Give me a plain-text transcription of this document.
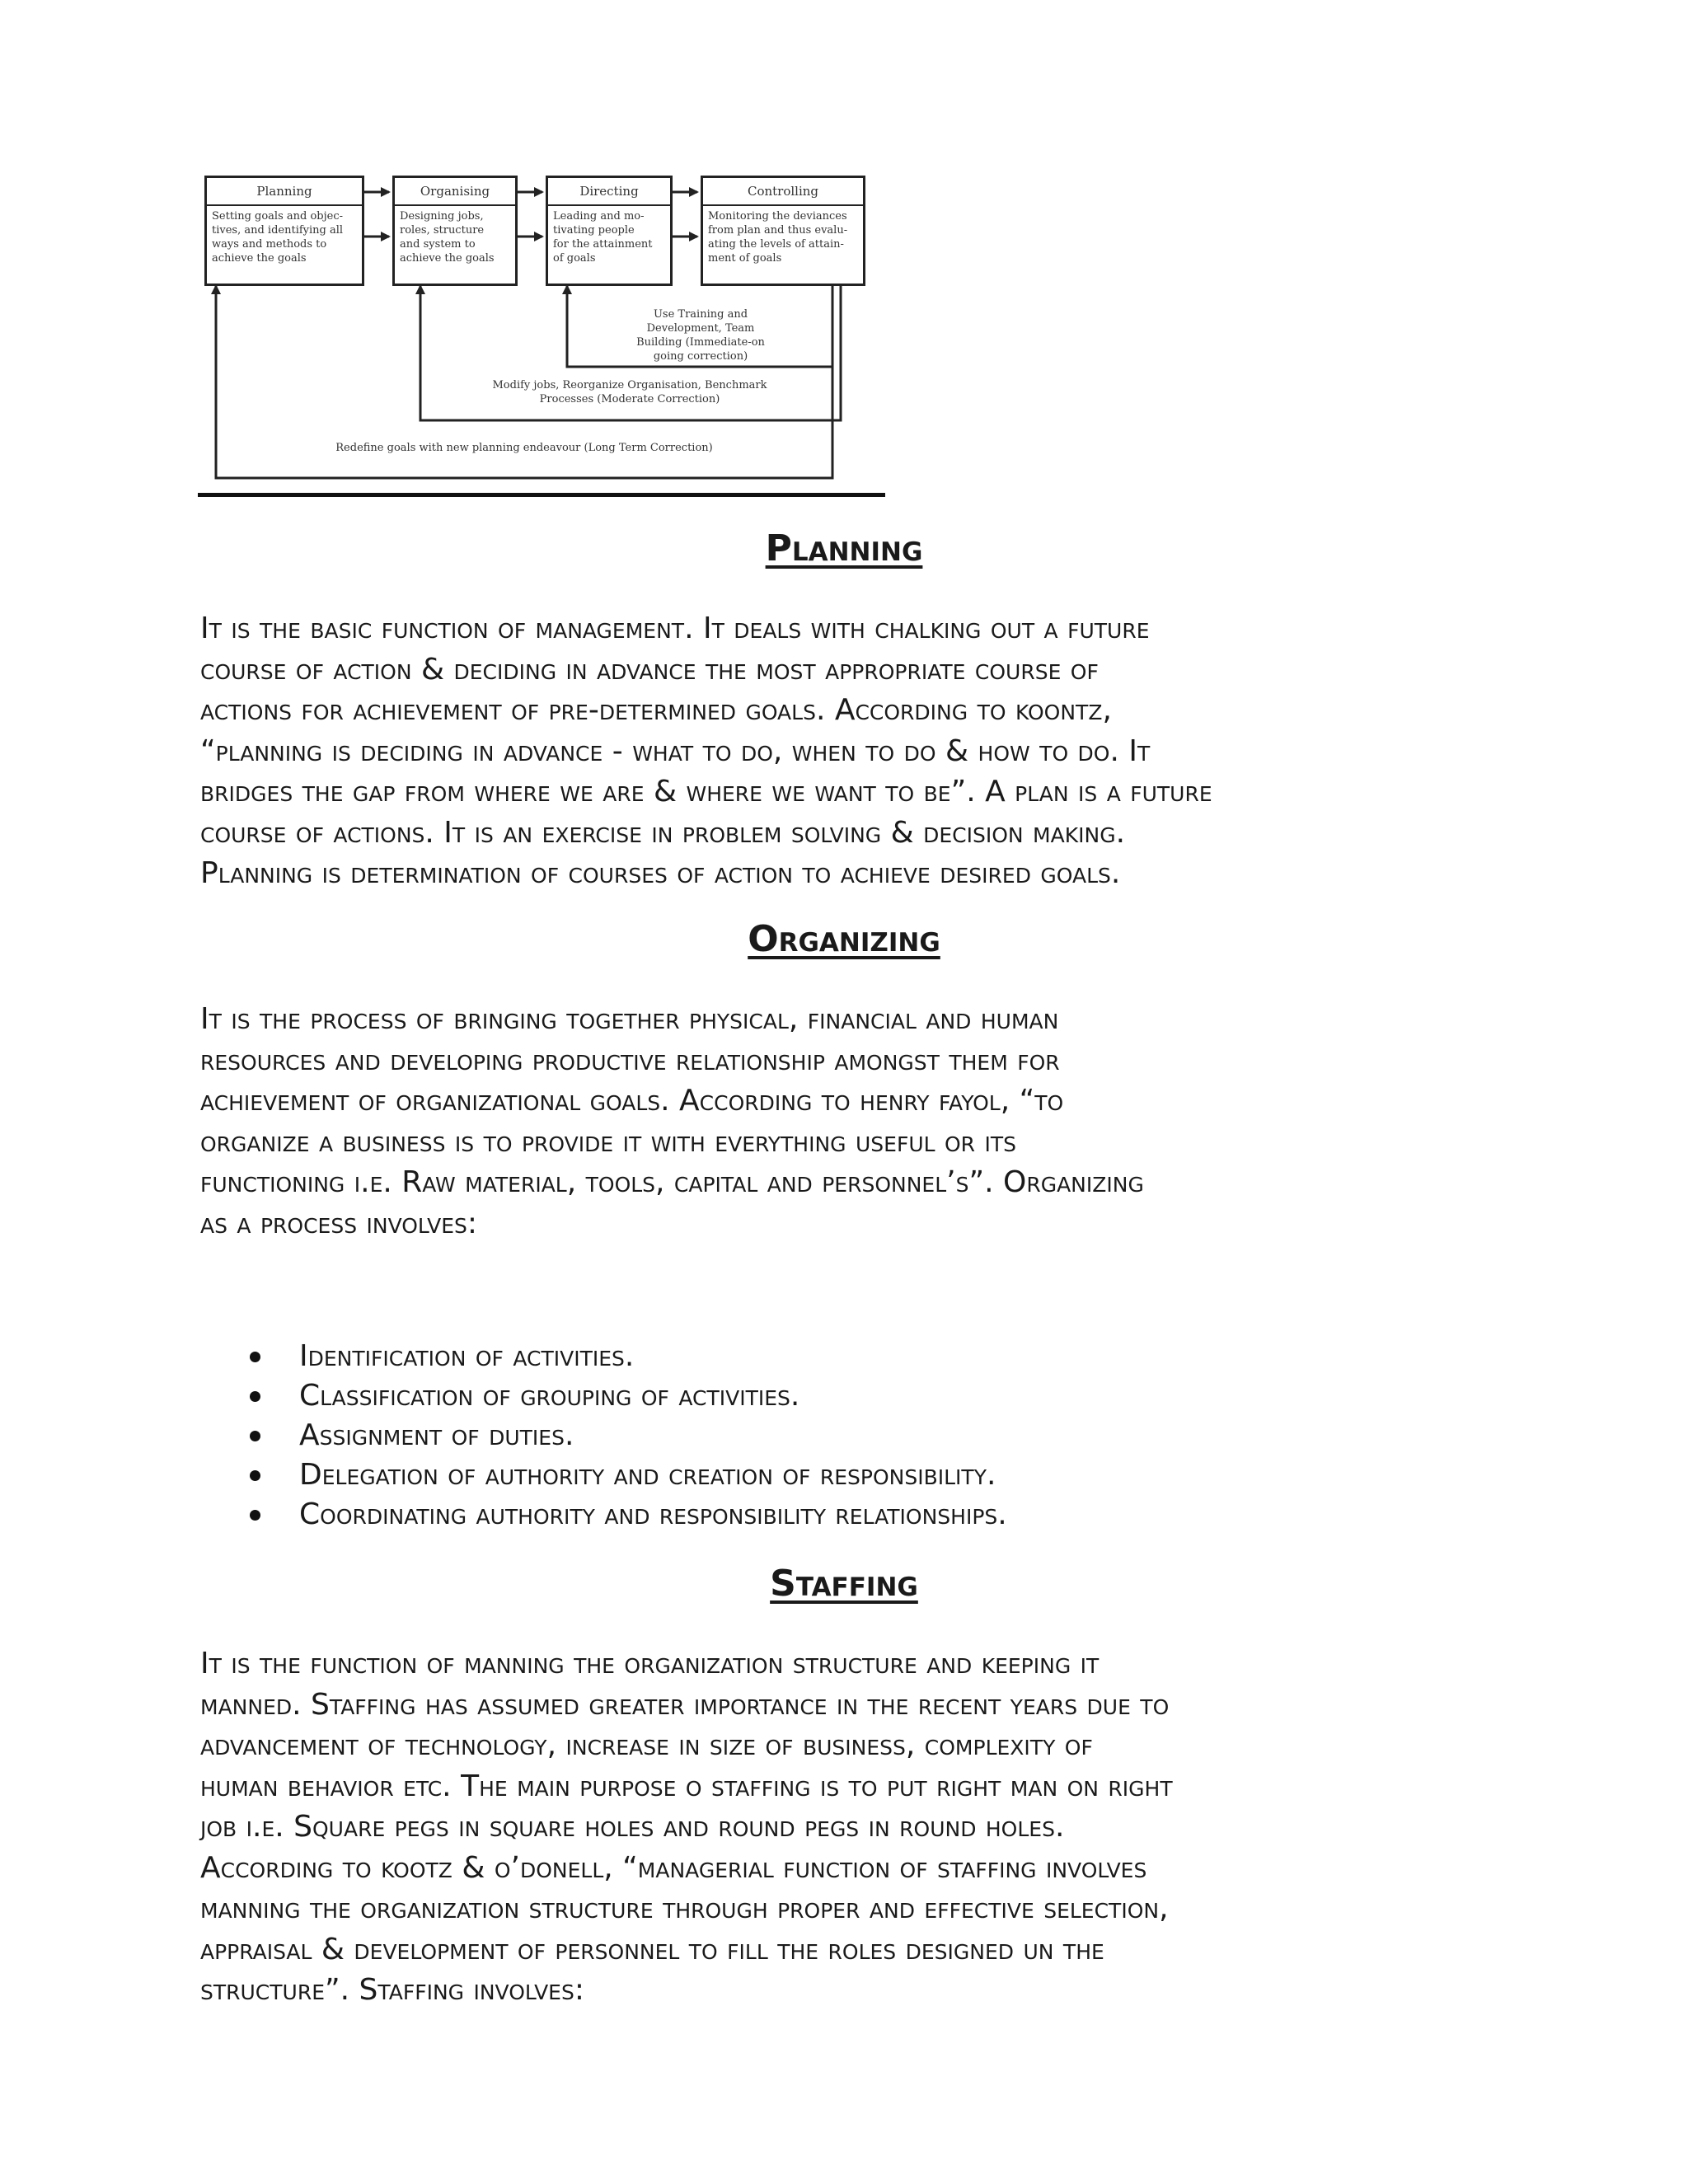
Planning
Setting goals and objec-
tives, and identifying all
ways and methods to
achieve the goals
Organising
Designing jobs,
roles, structure
and system to
achieve the goals
Directing
Leading and mo-
tivating people
for the attainment
of goals
Controlling
Monitoring the deviances
from plan and thus evalu-
ating the levels of attain-
ment of goals
Use Training and
Development, Team
Building (Immediate-on
going correction)
Modify jobs, Reorganize Organisation, Benchmark
Processes (Moderate Correction)
Redefine goals with new planning endeavour (Long Term Correction)
Planning

It is the basic function of management. It deals with chalking out a future
course of action & deciding in advance the most appropriate course of
actions for achievement of pre-determined goals. According to koontz,
“planning is deciding in advance - what to do, when to do & how to do. It
bridges the gap from where we are & where we want to be”. A plan is a future
course of actions. It is an exercise in problem solving & decision making.
Planning is determination of courses of action to achieve desired goals.

Organizing

It is the process of bringing together physical, financial and human
resources and developing productive relationship amongst them for
achievement of organizational goals. According to henry fayol, “to
organize a business is to provide it with everything useful or its
functioning i.e. Raw material, tools, capital and personnel’s”. Organizing
as a process involves:

Identification of activities.
Classification of grouping of activities.
Assignment of duties.
Delegation of authority and creation of responsibility.
Coordinating authority and responsibility relationships.
Staffing

It is the function of manning the organization structure and keeping it
manned. Staffing has assumed greater importance in the recent years due to
advancement of technology, increase in size of business, complexity of
human behavior etc. The main purpose o staffing is to put right man on right
job i.e. Square pegs in square holes and round pegs in round holes.
According to kootz & o’donell, “managerial function of staffing involves
manning the organization structure through proper and effective selection,
appraisal & development of personnel to fill the roles designed un the
structure”. Staffing involves:
